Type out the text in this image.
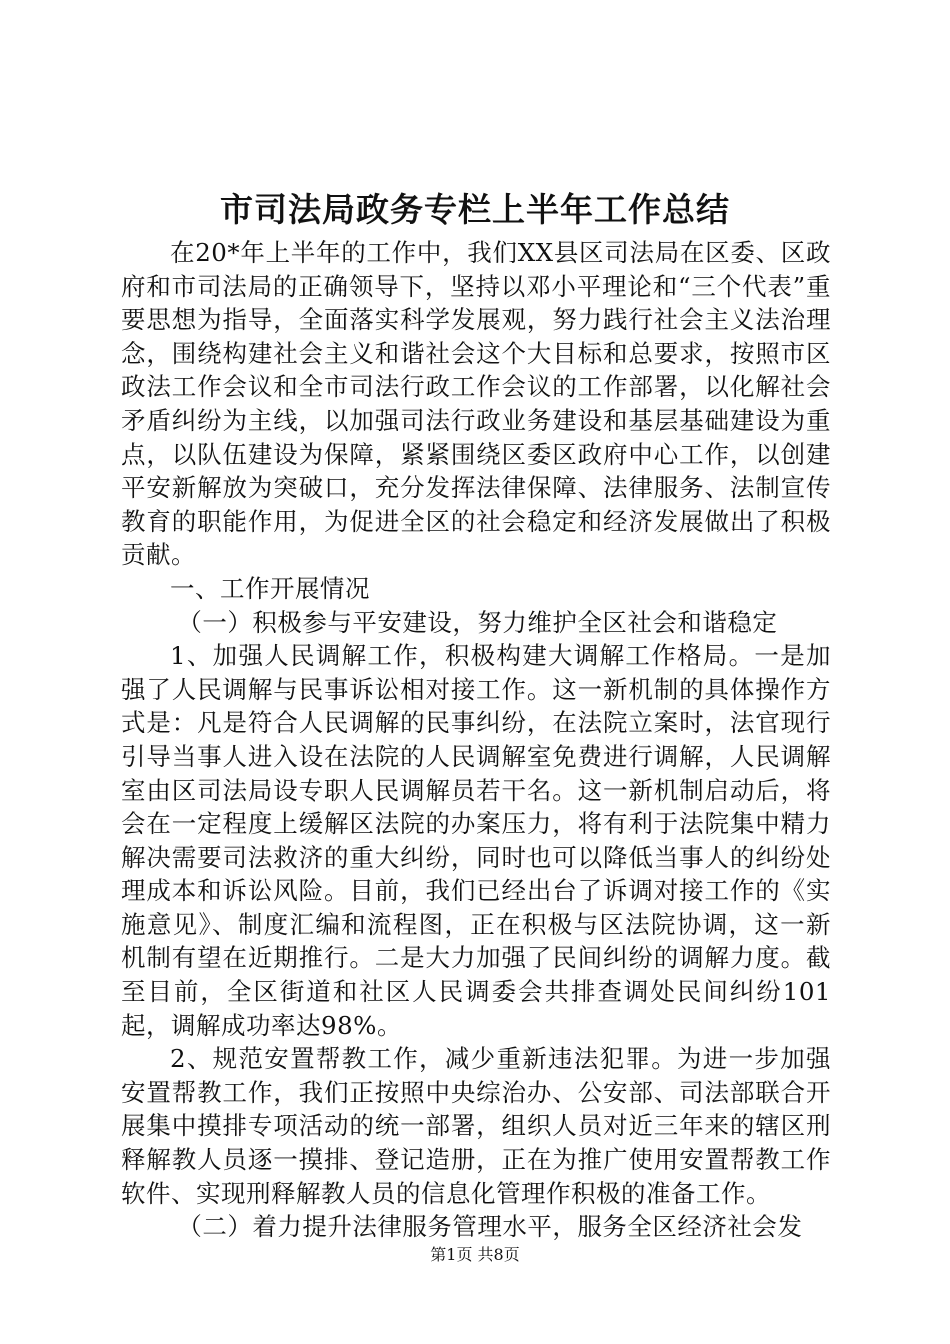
市司法局政务专栏上半年工作总结

在20*年上半年的工作中，我们XX县区司法局在区委、区政府和市司法局的正确领导下，坚持以邓小平理论和“三个代表”重要思想为指导，全面落实科学发展观，努力践行社会主义法治理念，围绕构建社会主义和谐社会这个大目标和总要求，按照市区政法工作会议和全市司法行政工作会议的工作部署，以化解社会矛盾纠纷为主线，以加强司法行政业务建设和基层基础建设为重点，以队伍建设为保障，紧紧围绕区委区政府中心工作，以创建平安新解放为突破口，充分发挥法律保障、法律服务、法制宣传教育的职能作用，为促进全区的社会稳定和经济发展做出了积极贡献。

一、工作开展情况

（一）积极参与平安建设，努力维护全区社会和谐稳定

1、加强人民调解工作，积极构建大调解工作格局。一是加强了人民调解与民事诉讼相对接工作。这一新机制的具体操作方式是：凡是符合人民调解的民事纠纷，在法院立案时，法官现行引导当事人进入设在法院的人民调解室免费进行调解，人民调解室由区司法局设专职人民调解员若干名。这一新机制启动后，将会在一定程度上缓解区法院的办案压力，将有利于法院集中精力解决需要司法救济的重大纠纷，同时也可以降低当事人的纠纷处理成本和诉讼风险。目前，我们已经出台了诉调对接工作的《实施意见》、制度汇编和流程图，正在积极与区法院协调，这一新机制有望在近期推行。二是大力加强了民间纠纷的调解力度。截至目前，全区街道和社区人民调委会共排查调处民间纠纷101起，调解成功率达98%。

2、规范安置帮教工作，减少重新违法犯罪。为进一步加强安置帮教工作，我们正按照中央综治办、公安部、司法部联合开展集中摸排专项活动的统一部署，组织人员对近三年来的辖区刑释解教人员逐一摸排、登记造册，正在为推广使用安置帮教工作软件、实现刑释解教人员的信息化管理作积极的准备工作。

（二）着力提升法律服务管理水平，服务全区经济社会发

第1页 共8页
